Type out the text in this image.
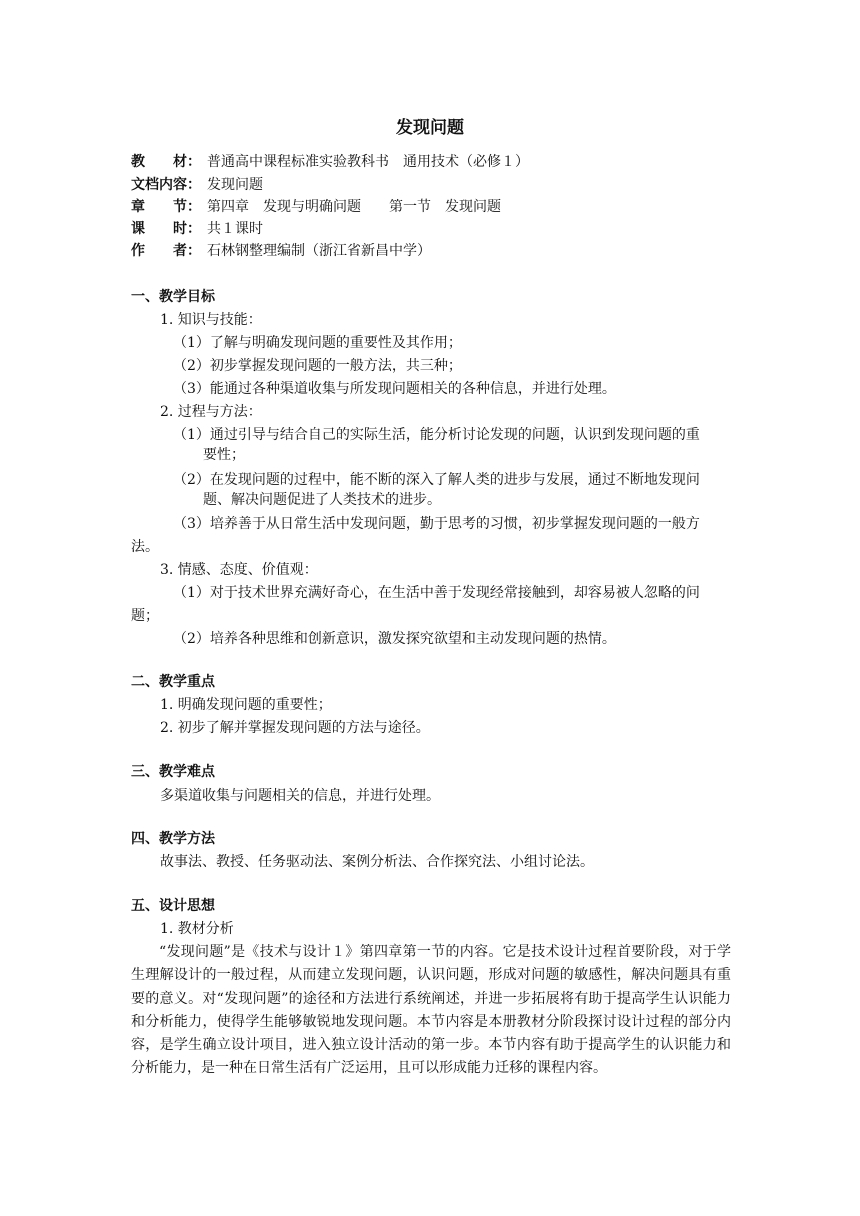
发现问题
教　　材： 普通高中课程标准实验教科书　通用技术（必修１）
文档内容： 发现问题
章　　节： 第四章　发现与明确问题　　第一节　发现问题
课　　时： 共１课时
作　　者： 石林钢整理编制（浙江省新昌中学）
一、教学目标
1. 知识与技能：
（1）了解与明确发现问题的重要性及其作用；
（2）初步掌握发现问题的一般方法，共三种；
（3）能通过各种渠道收集与所发现问题相关的各种信息，并进行处理。
2. 过程与方法：
（1）通过引导与结合自己的实际生活，能分析讨论发现的问题，认识到发现问题的重
要性；
（2）在发现问题的过程中，能不断的深入了解人类的进步与发展，通过不断地发现问
题、解决问题促进了人类技术的进步。
（3）培养善于从日常生活中发现问题，勤于思考的习惯，初步掌握发现问题的一般方
法。
3. 情感、态度、价值观：
（1）对于技术世界充满好奇心，在生活中善于发现经常接触到，却容易被人忽略的问
题；
（2）培养各种思维和创新意识，激发探究欲望和主动发现问题的热情。
二、教学重点
1. 明确发现问题的重要性；
2. 初步了解并掌握发现问题的方法与途径。
三、教学难点
多渠道收集与问题相关的信息，并进行处理。
四、教学方法
故事法、教授、任务驱动法、案例分析法、合作探究法、小组讨论法。
五、设计思想
1. 教材分析
“发现问题”是《技术与设计１》第四章第一节的内容。它是技术设计过程首要阶段，对于学生理解设计的一般过程，从而建立发现问题，认识问题，形成对问题的敏感性，解决问题具有重要的意义。对“发现问题”的途径和方法进行系统阐述，并进一步拓展将有助于提高学生认识能力和分析能力，使得学生能够敏锐地发现问题。本节内容是本册教材分阶段探讨设计过程的部分内容，是学生确立设计项目，进入独立设计活动的第一步。本节内容有助于提高学生的认识能力和分析能力，是一种在日常生活有广泛运用，且可以形成能力迁移的课程内容。
